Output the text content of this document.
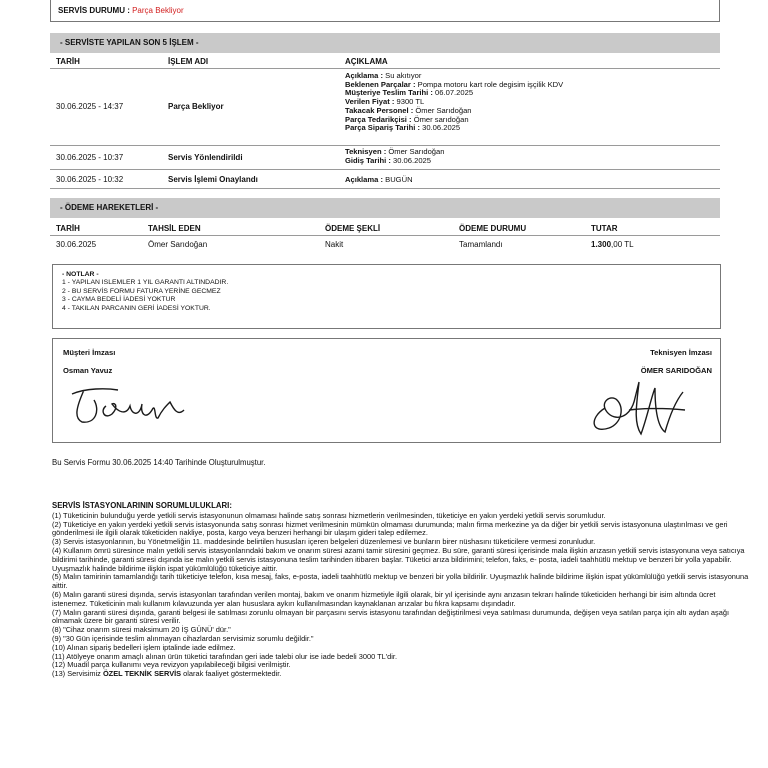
SERVİS DURUMU : Parça Bekliyor
- SERVİSTE YAPILAN SON 5 İŞLEM -
TARİH	İŞLEM ADI	AÇIKLAMA
30.06.2025 - 14:37	Parça Bekliyor
Açıklama : Su akıtıyor
Beklenen Parçalar : Pompa motoru kart role degisim işçilik KDV
Müşteriye Teslim Tarihi : 06.07.2025
Verilen Fiyat : 9300 TL
Takacak Personel : Ömer Sarıdoğan
Parça Tedarikçisi : Ömer sarıdoğan
Parça Sipariş Tarihi : 30.06.2025
30.06.2025 - 10:37	Servis Yönlendirildi
Teknisyen : Ömer Sarıdoğan
Gidiş Tarihi : 30.06.2025
30.06.2025 - 10:32	Servis İşlemi Onaylandı	Açıklama : BUGÜN
- ÖDEME HAREKETLERİ -
TARİH	TAHSİL EDEN	ÖDEME ŞEKLİ	ÖDEME DURUMU	TUTAR
30.06.2025	Ömer Sarıdoğan	Nakit	Tamamlandı	1.300,00 TL
- NOTLAR -
1 - YAPILAN ISLEMLER 1 YIL GARANTI ALTINDADIR.
2 - BU SERVİS FORMU FATURA YERİNE GECMEZ
3 - CAYMA BEDELİ İADESİ YOKTUR
4 - TAKILAN PARCANIN GERİ İADESİ YOKTUR.
Müşteri İmzası
Osman Yavuz
Teknisyen İmzası
ÖMER SARIDOĞAN
Bu Servis Formu 30.06.2025 14:40 Tarihinde Oluşturulmuştur.

SERVİS İSTASYONLARININ SORUMLULUKLARI:

(1) Tüketicinin bulunduğu yerde yetkili servis istasyonunun olmaması halinde satış sonrası hizmetlerin verilmesinden, tüketiciye en yakın yerdeki yetkili servis sorumludur.

(2) Tüketiciye en yakın yerdeki yetkili servis istasyonunda satış sonrası hizmet verilmesinin mümkün olmaması durumunda; malın firma merkezine ya da diğer bir yetkili servis istasyonuna ulaştırılması ve geri gönderilmesi ile ilgili olarak tüketiciden nakliye, posta, kargo veya benzeri herhangi bir ulaşım gideri talep edilemez.

(3) Servis istasyonlarının, bu Yönetmeliğin 11. maddesinde belirtilen hususları içeren belgeleri düzenlemesi ve bunların birer nüshasını tüketicilere vermesi zorunludur.

(4) Kullanım ömrü süresince malın yetkili servis istasyonlarındaki bakım ve onarım süresi azami tamir süresini geçmez. Bu süre, garanti süresi içerisinde mala ilişkin arızasın yetkili servis istasyonuna veya satıcıya bildirimi tarihinde, garanti süresi dışında ise malın yetkili servis istasyonuna teslim tarihinden itibaren başlar. Tüketici arıza bildirimini; telefon, faks, e- posta, iadeli taahhütlü mektup ve benzeri bir yolla yapabilir. Uyuşmazlık halinde bildirime ilişkin ispat yükümlülüğü tüketiciye aittir.

(5) Malın tamirinin tamamlandığı tarih tüketiciye telefon, kısa mesaj, faks, e-posta, iadeli taahhütlü mektup ve benzeri bir yolla bildirilir. Uyuşmazlık halinde bildirime ilişkin ispat yükümlülüğü yetkili servis istasyonuna aittir.

(6) Malın garanti süresi dışında, servis istasyonları tarafından verilen montaj, bakım ve onarım hizmetiyle ilgili olarak, bir yıl içerisinde aynı arızasın tekrarı halinde tüketiciden herhangi bir isim altında ücret istenemez. Tüketicinin malı kullanım kılavuzunda yer alan hususlara aykırı kullanılmasından kaynaklanan arızalar bu fıkra kapsamı dışındadır.

(7) Malın garanti süresi dışında, garanti belgesi ile satılması zorunlu olmayan bir parçasını servis istasyonu tarafından değiştirilmesi veya satılması durumunda, değişen veya satılan parça için altı aydan aşağı olmamak üzere bir garanti süresi verilir.

(8) "Cihaz onarım süresi maksimum 20 İŞ GÜNÜ' dür."

(9) "30 Gün içerisinde teslim alınmayan cihazlardan servisimiz sorumlu değildir."

(10) Alınan sipariş bedelleri işlem iptalinde iade edilmez.

(11) Atölyeye onarım amaçlı alınan ürün tüketici tarafından geri iade talebi olur ise iade bedeli 3000 TL'dir.

(12) Muadil parça kullanımı veya revizyon yapılabileceği bilgisi verilmiştir.

(13) Servisimiz ÖZEL TEKNİK SERVİS olarak faaliyet göstermektedir.
